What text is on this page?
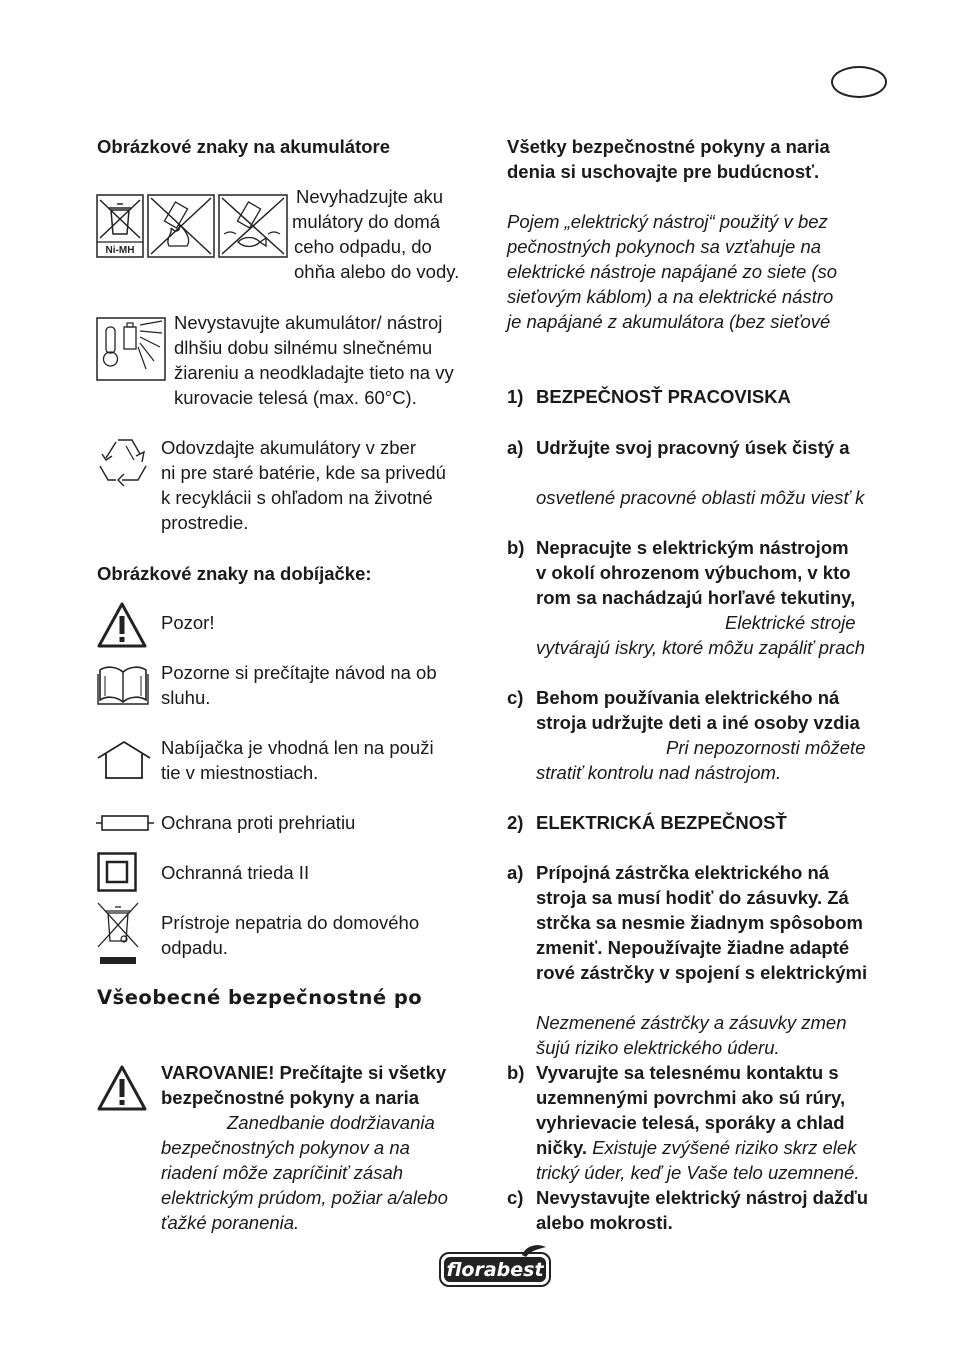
Obrázkové znaky na akumulátore
Ni-MH
Nevyhadzujte aku
mulátory do domá
ceho odpadu, do
ohňa alebo do vody.
Nevystavujte akumulátor/ nástroj
dlhšiu dobu silnému slnečnému
žiareniu a neodkladajte tieto na vy
kurovacie telesá (max. 60°C).
Odovzdajte akumulátory v zber
ni pre staré batérie, kde sa privedú
k recyklácii s ohľadom na životné
prostredie.
Obrázkové znaky na dobíjačke:
Pozor!
Pozorne si prečítajte návod na ob
sluhu.
Nabíjačka je vhodná len na použi
tie v miestnostiach.
Ochrana proti prehriatiu
Ochranná trieda II
Prístroje nepatria do domového
odpadu.
Všeobecné bezpečnostné po
VAROVANIE! Prečítajte si všetky
bezpečnostné pokyny a naria
Zanedbanie dodržiavania
bezpečnostných pokynov a na
riadení môže zapríčiniť zásah
elektrickým prúdom, požiar a/alebo
ťažké poranenia.
Všetky bezpečnostné pokyny a naria
denia si uschovajte pre budúcnosť.
Pojem „elektrický nástroj“ použitý v bez
pečnostných pokynoch sa vzťahuje na
elektrické nástroje napájané zo siete (so
sieťovým káblom) a na elektrické nástro
je napájané z akumulátora (bez sieťové
1) BEZPEČNOSŤ PRACOVISKA
a) Udržujte svoj pracovný úsek čistý a
osvetlené pracovné oblasti môžu viesť k
b) Nepracujte s elektrickým nástrojom
v okolí ohrozenom výbuchom, v kto
rom sa nachádzajú horľavé tekutiny,
Elektrické stroje
vytvárajú iskry, ktoré môžu zapáliť prach
c) Behom používania elektrického ná
stroja udržujte deti a iné osoby vzdia
Pri nepozornosti môžete
stratiť kontrolu nad nástrojom.
2) ELEKTRICKÁ BEZPEČNOSŤ
a) Prípojná zástrčka elektrického ná
stroja sa musí hodiť do zásuvky. Zá
strčka sa nesmie žiadnym spôsobom
zmeniť. Nepoužívajte žiadne adapté
rové zástrčky v spojení s elektrickými
Nezmenené zástrčky a zásuvky zmen
šujú riziko elektrického úderu.
b) Vyvarujte sa telesnému kontaktu s
uzemnenými povrchmi ako sú rúry,
vyhrievacie telesá, sporáky a chlad
ničky. Existuje zvýšené riziko skrz elek
trický úder, keď je Vaše telo uzemnené.
c) Nevystavujte elektrický nástroj dažďu
alebo mokrosti.
florabest
